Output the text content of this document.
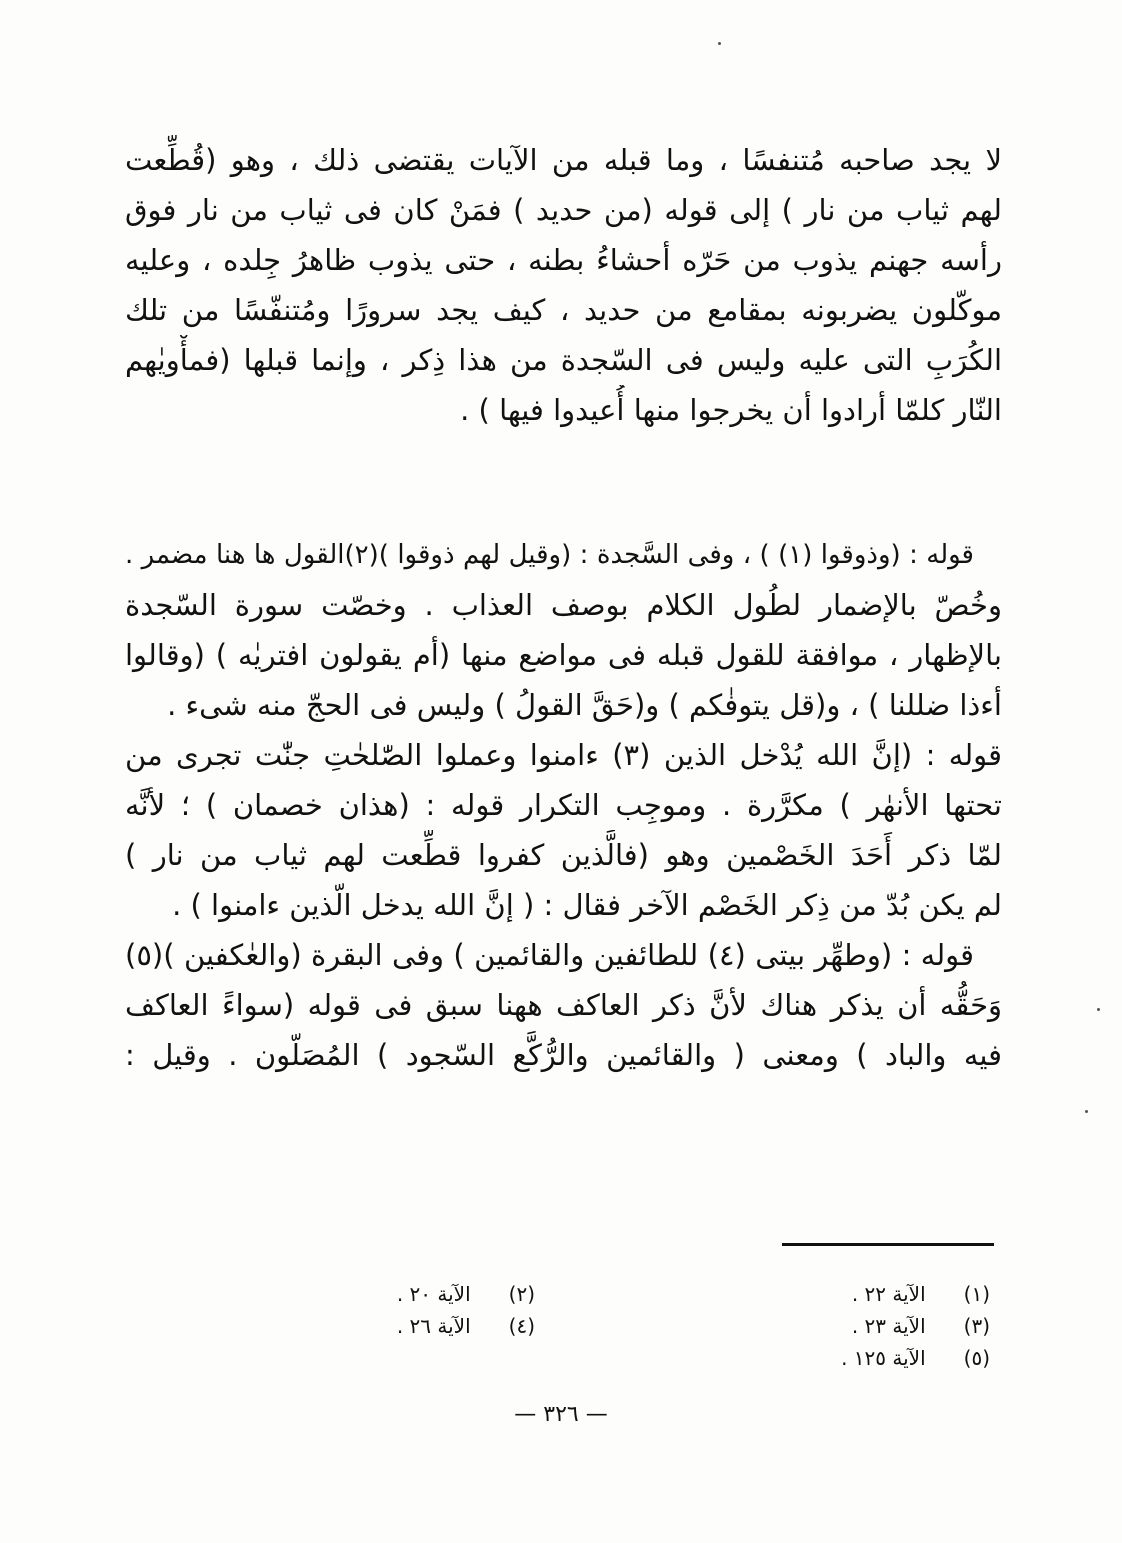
لا يجد صاحبه مُتنفسًا ، وما قبله من الآيات يقتضى ذلك ، وهو (قُطِّعت
لهم ثياب من نار ) إلى قوله (من حديد ) فمَنْ كان فى ثياب من نار فوق
رأسه جهنم يذوب من حَرّه أحشاءُ بطنه ، حتى يذوب ظاهرُ جِلده ، وعليه
موكّلون يضربونه بمقامع من حديد ، كيف يجد سرورًا ومُتنفّسًا من تلك
الكُرَبِ التى عليه وليس فى السّجدة من هذا ذِكر ، وإنما قبلها (فمأْويٰهم
النّار كلمّا أرادوا أن يخرجوا منها أُعيدوا فيها ) .
قوله : (وذوقوا (١) ) ، وفى السَّجدة : (وقيل لهم ذوقوا )(٢)القول ها هنا مضمر .
وخُصّ بالإضمار لطُول الكلام بوصف العذاب . وخصّت سورة السّجدة
بالإظهار ، موافقة للقول قبله فى مواضع منها (أم يقولون افتريٰه ) (وقالوا
أءذا ضللنا ) ، و(قل يتوفٰكم ) و(حَقَّ القولُ ) وليس فى الحجّ منه شىء .
قوله : (إنَّ الله يُدْخل الذين (٣) ءامنوا وعملوا الصّٰلحٰتِ جنّٰت تجرى من
تحتها الأنهٰر ) مكرَّرة . وموجِب التكرار قوله : (هذان خصمان ) ؛ لأنَّه
لمّا ذكر أَحَدَ الخَصْمين وهو (فالَّذين كفروا قطِّعت لهم ثياب من نار )
لم يكن بُدّ من ذِكر الخَصْم الآخر فقال : ( إنَّ الله يدخل الّذين ءامنوا ) .
قوله : (وطهِّر بيتى (٤) للطائفين والقائمين ) وفى البقرة (والعٰكفين )(٥)
وَحَقُّه أن يذكر هناك لأنَّ ذكر العاكف ههنا سبق فى قوله (سواءً العاكف
فيه والباد ) ومعنى ( والقائمين والرُّكَّع السّجود ) المُصَلّون . وقيل :
(١) الآية ٢٢ .
(٢) الآية ٢٠ .
(٣) الآية ٢٣ .
(٤) الآية ٢٦ .
(٥) الآية ١٢٥ .
— ٣٢٦ —
